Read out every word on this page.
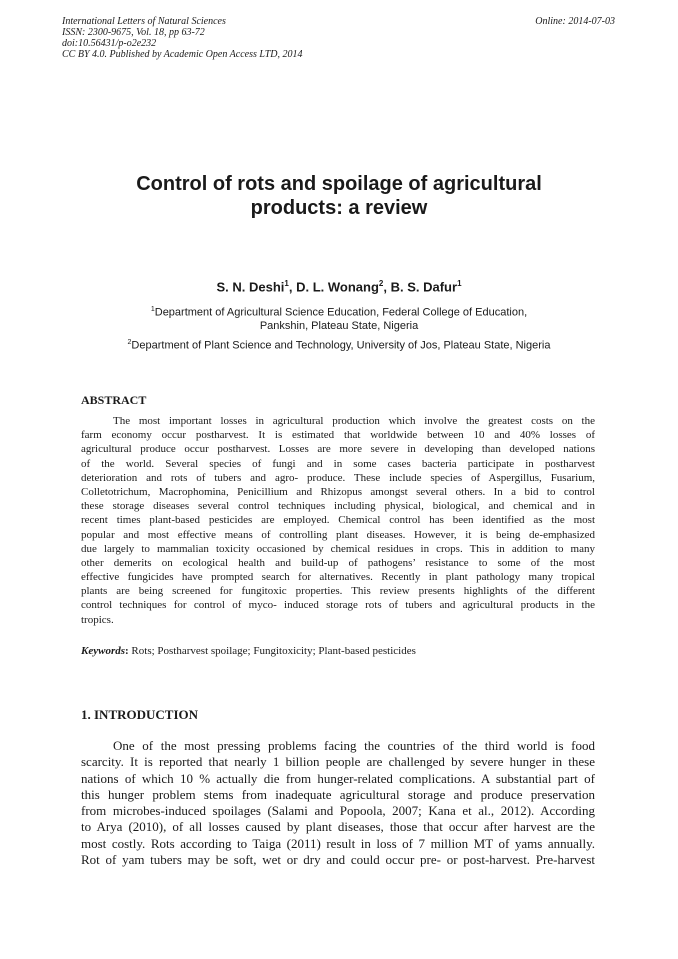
International Letters of Natural Sciences
ISSN: 2300-9675, Vol. 18, pp 63-72
doi:10.56431/p-o2e232
CC BY 4.0. Published by Academic Open Access LTD, 2014
Online: 2014-07-03
Control of rots and spoilage of agricultural
products: a review
S. N. Deshi$^1$, D. L. Wonang$^2$, B. S. Dafur$^1$
$^1$Department of Agricultural Science Education, Federal College of Education,
Pankshin, Plateau State, Nigeria
$^2$Department of Plant Science and Technology, University of Jos, Plateau State, Nigeria
ABSTRACT
The most important losses in agricultural production which involve the greatest costs on the
farm economy occur postharvest. It is estimated that worldwide between 10 and 40% losses of
agricultural produce occur postharvest. Losses are more severe in developing than developed nations
of the world. Several species of fungi and in some cases bacteria participate in postharvest
deterioration and rots of tubers and agro- produce. These include species of Aspergillus, Fusarium,
Colletotrichum, Macrophomina, Penicillium and Rhizopus amongst several others. In a bid to control
these storage diseases several control techniques including physical, biological, and chemical and in
recent times plant-based pesticides are employed. Chemical control has been identified as the most
popular and most effective means of controlling plant diseases. However, it is being de-emphasized
due largely to mammalian toxicity occasioned by chemical residues in crops. This in addition to many
other demerits on ecological health and build-up of pathogens’ resistance to some of the most
effective fungicides have prompted search for alternatives. Recently in plant pathology many tropical
plants are being screened for fungitoxic properties. This review presents highlights of the different
control techniques for control of myco- induced storage rots of tubers and agricultural products in the
tropics.
Keywords: Rots; Postharvest spoilage; Fungitoxicity; Plant-based pesticides
1. INTRODUCTION
One of the most pressing problems facing the countries of the third world is food
scarcity. It is reported that nearly 1 billion people are challenged by severe hunger in these
nations of which 10 % actually die from hunger-related complications. A substantial part of
this hunger problem stems from inadequate agricultural storage and produce preservation
from microbes-induced spoilages (Salami and Popoola, 2007; Kana et al., 2012). According
to Arya (2010), of all losses caused by plant diseases, those that occur after harvest are the
most costly. Rots according to Taiga (2011) result in loss of 7 million MT of yams annually.
Rot of yam tubers may be soft, wet or dry and could occur pre- or post-harvest. Pre-harvest
